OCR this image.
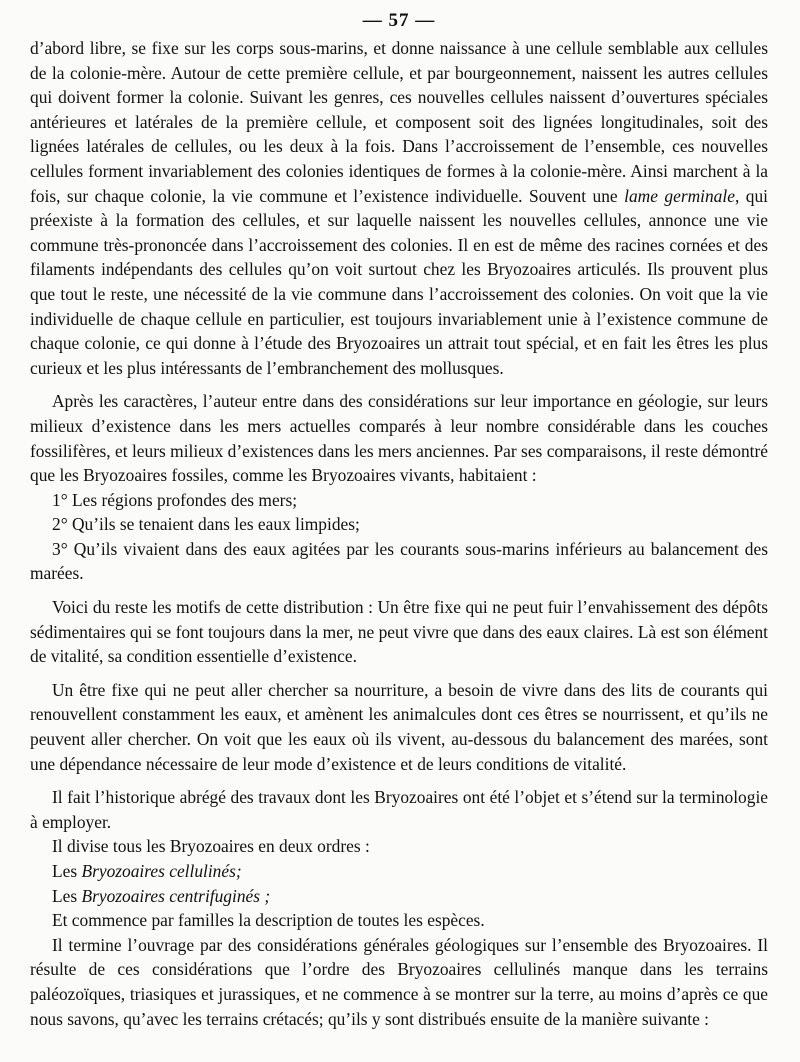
— 57 —

d’abord libre, se fixe sur les corps sous-marins, et donne naissance à une cellule semblable aux cellules de la colonie-mère. Autour de cette première cellule, et par bourgeonnement, naissent les autres cellules qui doivent former la colonie. Suivant les genres, ces nouvelles cellules naissent d’ouvertures spéciales antérieures et latérales de la première cellule, et composent soit des lignées longitudinales, soit des lignées latérales de cellules, ou les deux à la fois. Dans l’accroissement de l’ensemble, ces nouvelles cellules forment invariablement des colonies identiques de formes à la colonie-mère. Ainsi marchent à la fois, sur chaque colonie, la vie commune et l’existence individuelle. Souvent une lame germinale, qui préexiste à la formation des cellules, et sur laquelle naissent les nouvelles cellules, annonce une vie commune très-prononcée dans l’accroissement des colonies. Il en est de même des racines cornées et des filaments indépendants des cellules qu’on voit surtout chez les Bryozoaires articulés. Ils prouvent plus que tout le reste, une nécessité de la vie commune dans l’accroissement des colonies. On voit que la vie individuelle de chaque cellule en particulier, est toujours invariablement unie à l’existence commune de chaque colonie, ce qui donne à l’étude des Bryozoaires un attrait tout spécial, et en fait les êtres les plus curieux et les plus intéressants de l’embranchement des mollusques.

Après les caractères, l’auteur entre dans des considérations sur leur importance en géologie, sur leurs milieux d’existence dans les mers actuelles comparés à leur nombre considérable dans les couches fossilifères, et leurs milieux d’existences dans les mers anciennes. Par ses comparaisons, il reste démontré que les Bryozoaires fossiles, comme les Bryozoaires vivants, habitaient :

1° Les régions profondes des mers;

2° Qu’ils se tenaient dans les eaux limpides;

3° Qu’ils vivaient dans des eaux agitées par les courants sous-marins inférieurs au balancement des marées.

Voici du reste les motifs de cette distribution : Un être fixe qui ne peut fuir l’envahissement des dépôts sédimentaires qui se font toujours dans la mer, ne peut vivre que dans des eaux claires. Là est son élément de vitalité, sa condition essentielle d’existence.

Un être fixe qui ne peut aller chercher sa nourriture, a besoin de vivre dans des lits de courants qui renouvellent constamment les eaux, et amènent les animalcules dont ces êtres se nourrissent, et qu’ils ne peuvent aller chercher. On voit que les eaux où ils vivent, au-dessous du balancement des marées, sont une dépendance nécessaire de leur mode d’existence et de leurs conditions de vitalité.

Il fait l’historique abrégé des travaux dont les Bryozoaires ont été l’objet et s’étend sur la terminologie à employer.

Il divise tous les Bryozoaires en deux ordres :

Les Bryozoaires cellulinés;

Les Bryozoaires centrifuginés ;

Et commence par familles la description de toutes les espèces.

Il termine l’ouvrage par des considérations générales géologiques sur l’ensemble des Bryozoaires. Il résulte de ces considérations que l’ordre des Bryozoaires cellulinés manque dans les terrains paléozoïques, triasiques et jurassiques, et ne commence à se montrer sur la terre, au moins d’après ce que nous savons, qu’avec les terrains crétacés; qu’ils y sont distribués ensuite de la manière suivante :
